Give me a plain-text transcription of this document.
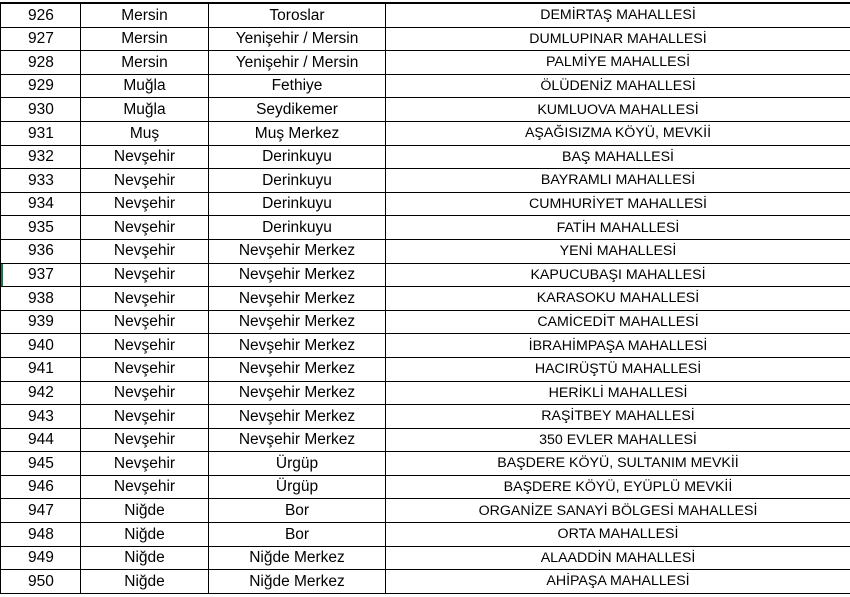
926	Mersin	Toroslar	DEMİRTAŞ MAHALLESİ
927	Mersin	Yenişehir / Mersin	DUMLUPINAR MAHALLESİ
928	Mersin	Yenişehir / Mersin	PALMİYE MAHALLESİ
929	Muğla	Fethiye	ÖLÜDENİZ MAHALLESİ
930	Muğla	Seydikemer	KUMLUOVA MAHALLESİ
931	Muş	Muş Merkez	AŞAĞISIZMA KÖYÜ, MEVKİİ
932	Nevşehir	Derinkuyu	BAŞ MAHALLESİ
933	Nevşehir	Derinkuyu	BAYRAMLI MAHALLESİ
934	Nevşehir	Derinkuyu	CUMHURİYET MAHALLESİ
935	Nevşehir	Derinkuyu	FATİH MAHALLESİ
936	Nevşehir	Nevşehir Merkez	YENİ MAHALLESİ
937	Nevşehir	Nevşehir Merkez	KAPUCUBAŞI MAHALLESİ
938	Nevşehir	Nevşehir Merkez	KARASOKU MAHALLESİ
939	Nevşehir	Nevşehir Merkez	CAMİCEDİT MAHALLESİ
940	Nevşehir	Nevşehir Merkez	İBRAHİMPAŞA MAHALLESİ
941	Nevşehir	Nevşehir Merkez	HACIRÜŞTÜ MAHALLESİ
942	Nevşehir	Nevşehir Merkez	HERİKLİ MAHALLESİ
943	Nevşehir	Nevşehir Merkez	RAŞİTBEY MAHALLESİ
944	Nevşehir	Nevşehir Merkez	350 EVLER MAHALLESİ
945	Nevşehir	Ürgüp	BAŞDERE KÖYÜ, SULTANIM MEVKİİ
946	Nevşehir	Ürgüp	BAŞDERE KÖYÜ, EYÜPLÜ MEVKİİ
947	Niğde	Bor	ORGANİZE SANAYİ BÖLGESİ MAHALLESİ
948	Niğde	Bor	ORTA MAHALLESİ
949	Niğde	Niğde Merkez	ALAADDİN MAHALLESİ
950	Niğde	Niğde Merkez	AHİPAŞA MAHALLESİ
